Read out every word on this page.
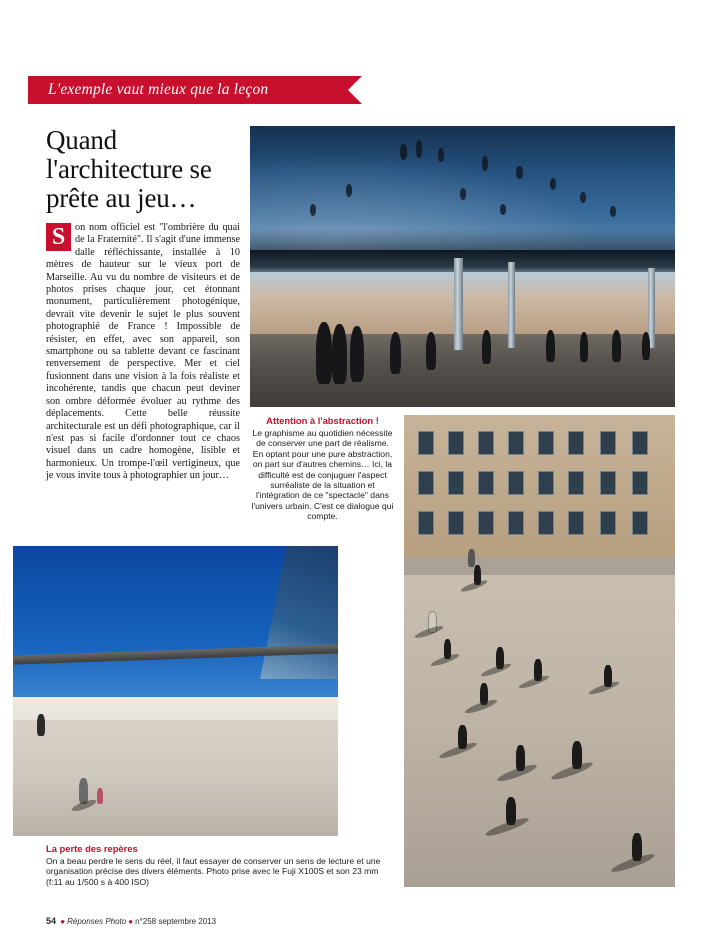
L'exemple vaut mieux que la leçon
Quand l'architecture se prête au jeu…
S on nom officiel est "l'ombrière du quai de la Fraternité". Il s'agit d'une immense dalle réfléchissante, installée à 10 mètres de hauteur sur le vieux port de Marseille. Au vu du nombre de visiteurs et de photos prises chaque jour, cet étonnant monument, particulièrement photogénique, devrait vite devenir le sujet le plus souvent photographié de France ! Impossible de résister, en effet, avec son appareil, son smartphone ou sa tablette devant ce fascinant renversement de perspective. Mer et ciel fusionnent dans une vision à la fois réaliste et incohérente, tandis que chacun peut deviner son ombre déformée évoluer au rythme des déplacements. Cette belle réussite architecturale est un défi photographique, car il n'est pas si facile d'ordonner tout ce chaos visuel dans un cadre homogène, lisible et harmonieux. Un trompe-l'œil vertigineux, que je vous invite tous à photographier un jour…
Attention à l'abstraction !
Le graphisme au quotidien nécessite de conserver une part de réalisme. En optant pour une pure abstraction, on part sur d'autres chemins… Ici, la difficulté est de conjuguer l'aspect surréaliste de la situation et l'intégration de ce "spectacle" dans l'univers urbain. C'est ce dialogue qui compte.
La perte des repères
On a beau perdre le sens du réel, il faut essayer de conserver un sens de lecture et une organisation précise des divers éléments. Photo prise avec le Fuji X100S et son 23 mm (f:11 au 1/500 s à 400 ISO)
54 ● Réponses Photo ● n°258 septembre 2013
